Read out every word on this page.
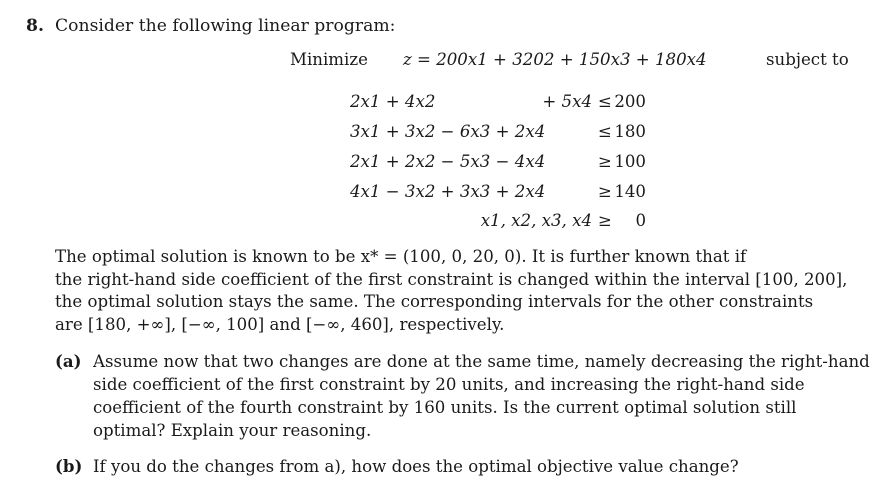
8. Consider the following linear program:
Minimize z = 200x1 + 3202 + 150x3 + 180x4	subject to
2x1 + 4x2	+ 5x4 ≤ 200
3x1 + 3x2 − 6x3 + 2x4	≤ 180
2x1 + 2x2 − 5x3 − 4x4	≥ 100
4x1 − 3x2 + 3x3 + 2x4	≥ 140
x1, x2, x3, x4 ≥	0
The optimal solution is known to be x* = (100, 0, 20, 0). It is further known that if
the right-hand side coefficient of the first constraint is changed within the interval [100, 200],
the optimal solution stays the same. The corresponding intervals for the other constraints
are [180, +∞], [−∞, 100] and [−∞, 460], respectively.
(a) Assume now that two changes are done at the same time, namely decreasing the right-hand
side coefficient of the first constraint by 20 units, and increasing the right-hand side
coefficient of the fourth constraint by 160 units. Is the current optimal solution still
optimal? Explain your reasoning.
(b) If you do the changes from a), how does the optimal objective value change?
